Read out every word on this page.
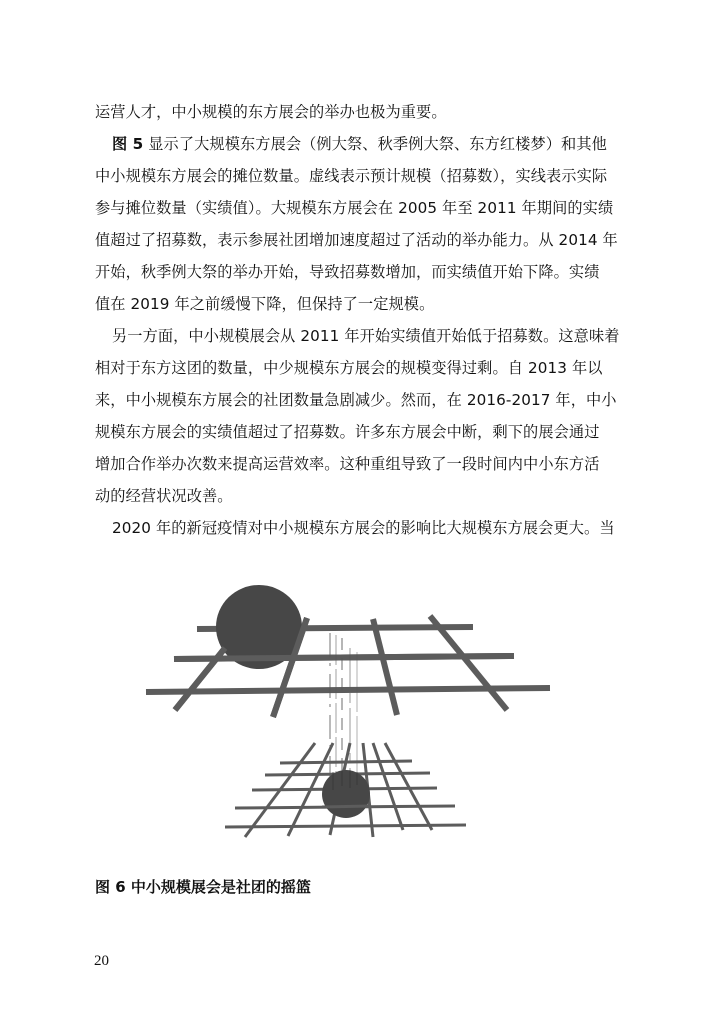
运营人才，中小规模的东方展会的举办也极为重要。
图 5 显示了大规模东方展会（例大祭、秋季例大祭、东方红楼梦）和其他
中小规模东方展会的摊位数量。虚线表示预计规模（招募数），实线表示实际
参与摊位数量（实绩值）。大规模东方展会在 2005 年至 2011 年期间的实绩
值超过了招募数，表示参展社团增加速度超过了活动的举办能力。从 2014 年
开始，秋季例大祭的举办开始，导致招募数增加，而实绩值开始下降。实绩
值在 2019 年之前缓慢下降，但保持了一定规模。
另一方面，中小规模展会从 2011 年开始实绩值开始低于招募数。这意味着
相对于东方这团的数量，中少规模东方展会的规模变得过剩。自 2013 年以
来，中小规模东方展会的社团数量急剧减少。然而，在 2016-2017 年，中小
规模东方展会的实绩值超过了招募数。许多东方展会中断，剩下的展会通过
增加合作举办次数来提高运营效率。这种重组导致了一段时间内中小东方活
动的经营状况改善。
2020 年的新冠疫情对中小规模东方展会的影响比大规模东方展会更大。当
图 6 中小规模展会是社团的摇篮
20
